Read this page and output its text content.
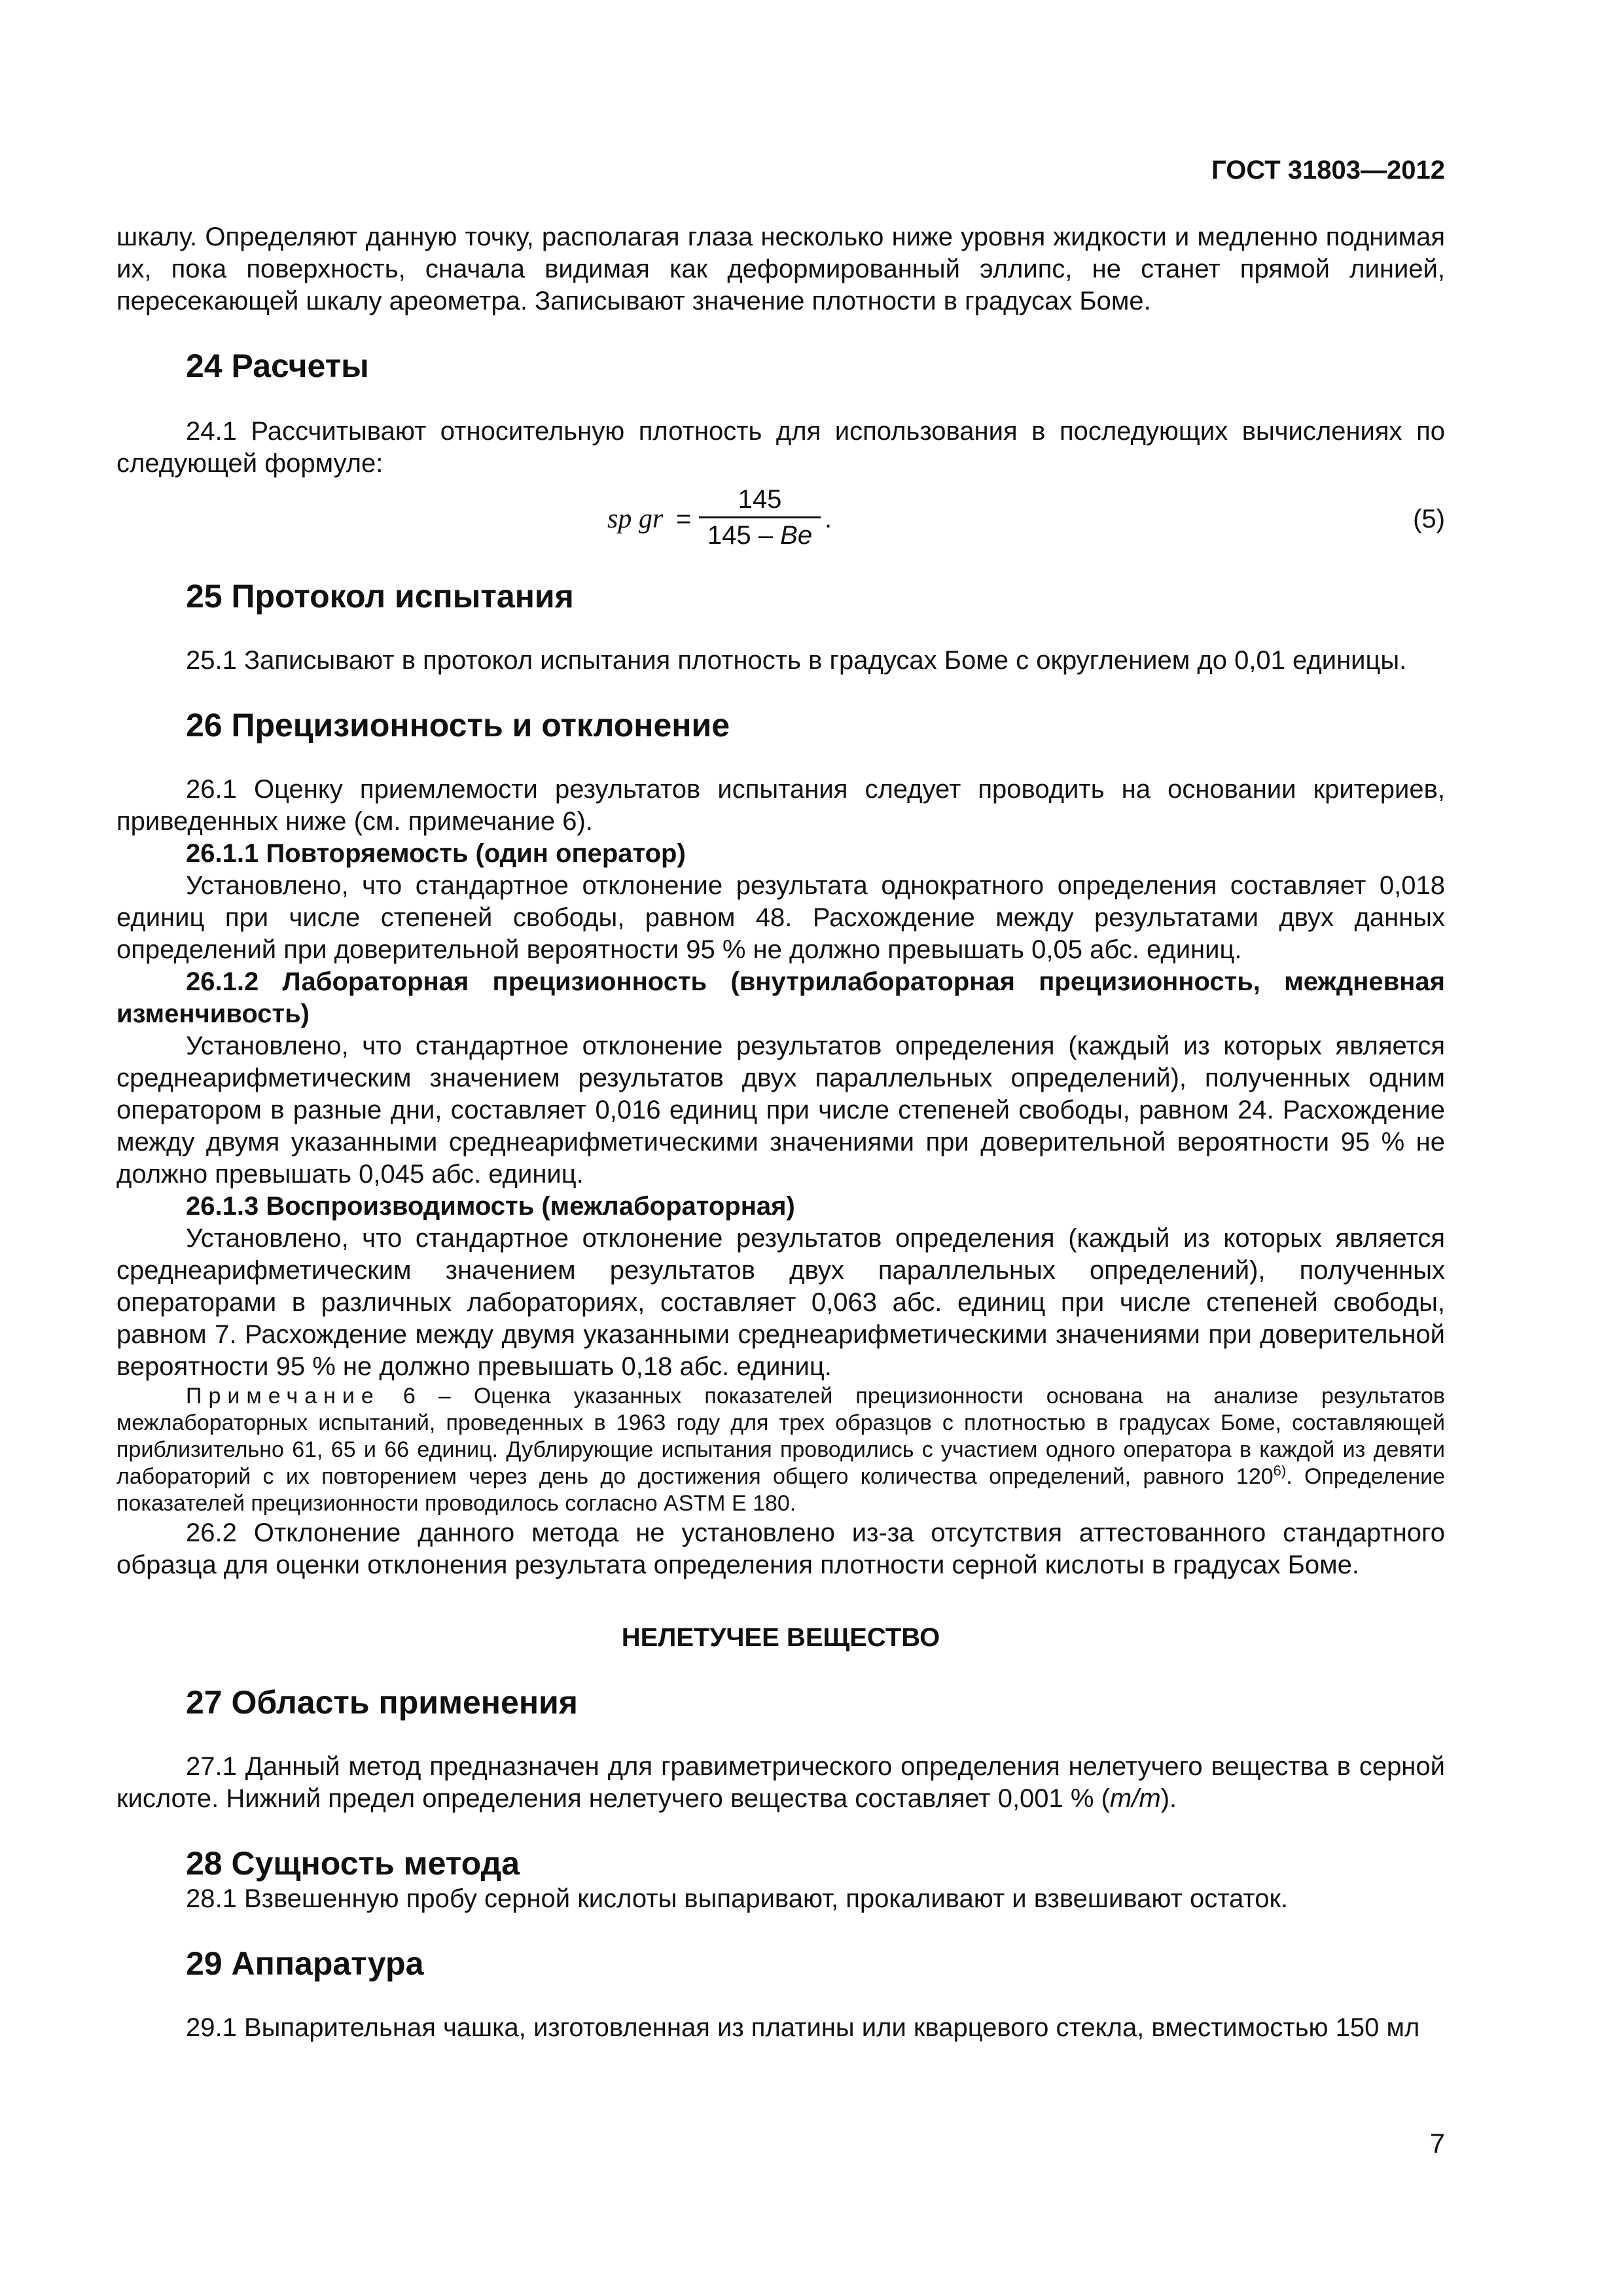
ГОСТ 31803—2012

шкалу. Определяют данную точку, располагая глаза несколько ниже уровня жидкости и медленно поднимая их, пока поверхность, сначала видимая как деформированный эллипс, не станет прямой линией, пересекающей шкалу ареометра. Записывают значение плотности в градусах Боме.

24 Расчеты

24.1 Рассчитывают относительную плотность для использования в последующих вычислениях по следующей формуле:

sp gr =
145
145 – Be
.	(5)

25 Протокол испытания

25.1 Записывают в протокол испытания плотность в градусах Боме с округлением до 0,01 единицы.

26 Прецизионность и отклонение

26.1 Оценку приемлемости результатов испытания следует проводить на основании критериев, приведенных ниже (см. примечание 6).

26.1.1 Повторяемость (один оператор)

Установлено, что стандартное отклонение результата однократного определения составляет 0,018 единиц при числе степеней свободы, равном 48. Расхождение между результатами двух данных определений при доверительной вероятности 95 % не должно превышать 0,05 абс. единиц.

26.1.2 Лабораторная прецизионность (внутрилабораторная прецизионность, междневная изменчивость)

Установлено, что стандартное отклонение результатов определения (каждый из которых является среднеарифметическим значением результатов двух параллельных определений), полученных одним оператором в разные дни, составляет 0,016 единиц при числе степеней свободы, равном 24. Расхождение между двумя указанными среднеарифметическими значениями при доверительной вероятности 95 % не должно превышать 0,045 абс. единиц.

26.1.3 Воспроизводимость (межлабораторная)

Установлено, что стандартное отклонение результатов определения (каждый из которых является среднеарифметическим значением результатов двух параллельных определений), полученных операторами в различных лабораториях, составляет 0,063 абс. единиц при числе степеней свободы, равном 7. Расхождение между двумя указанными среднеарифметическими значениями при доверительной вероятности 95 % не должно превышать 0,18 абс. единиц.

Примечание 6 – Оценка указанных показателей прецизионности основана на анализе результатов межлабораторных испытаний, проведенных в 1963 году для трех образцов с плотностью в градусах Боме, составляющей приблизительно 61, 65 и 66 единиц. Дублирующие испытания проводились с участием одного оператора в каждой из девяти лабораторий с их повторением через день до достижения общего количества определений, равного 120$^{6)}$. Определение показателей прецизионности проводилось согласно ASTM E 180.

26.2 Отклонение данного метода не установлено из-за отсутствия аттестованного стандартного образца для оценки отклонения результата определения плотности серной кислоты в градусах Боме.

НЕЛЕТУЧЕЕ ВЕЩЕСТВО

27 Область применения

27.1 Данный метод предназначен для гравиметрического определения нелетучего вещества в серной кислоте. Нижний предел определения нелетучего вещества составляет 0,001 % (m/m).

28 Сущность метода

28.1 Взвешенную пробу серной кислоты выпаривают, прокаливают и взвешивают остаток.

29 Аппаратура

29.1 Выпарительная чашка, изготовленная из платины или кварцевого стекла, вместимостью 150 мл

7
